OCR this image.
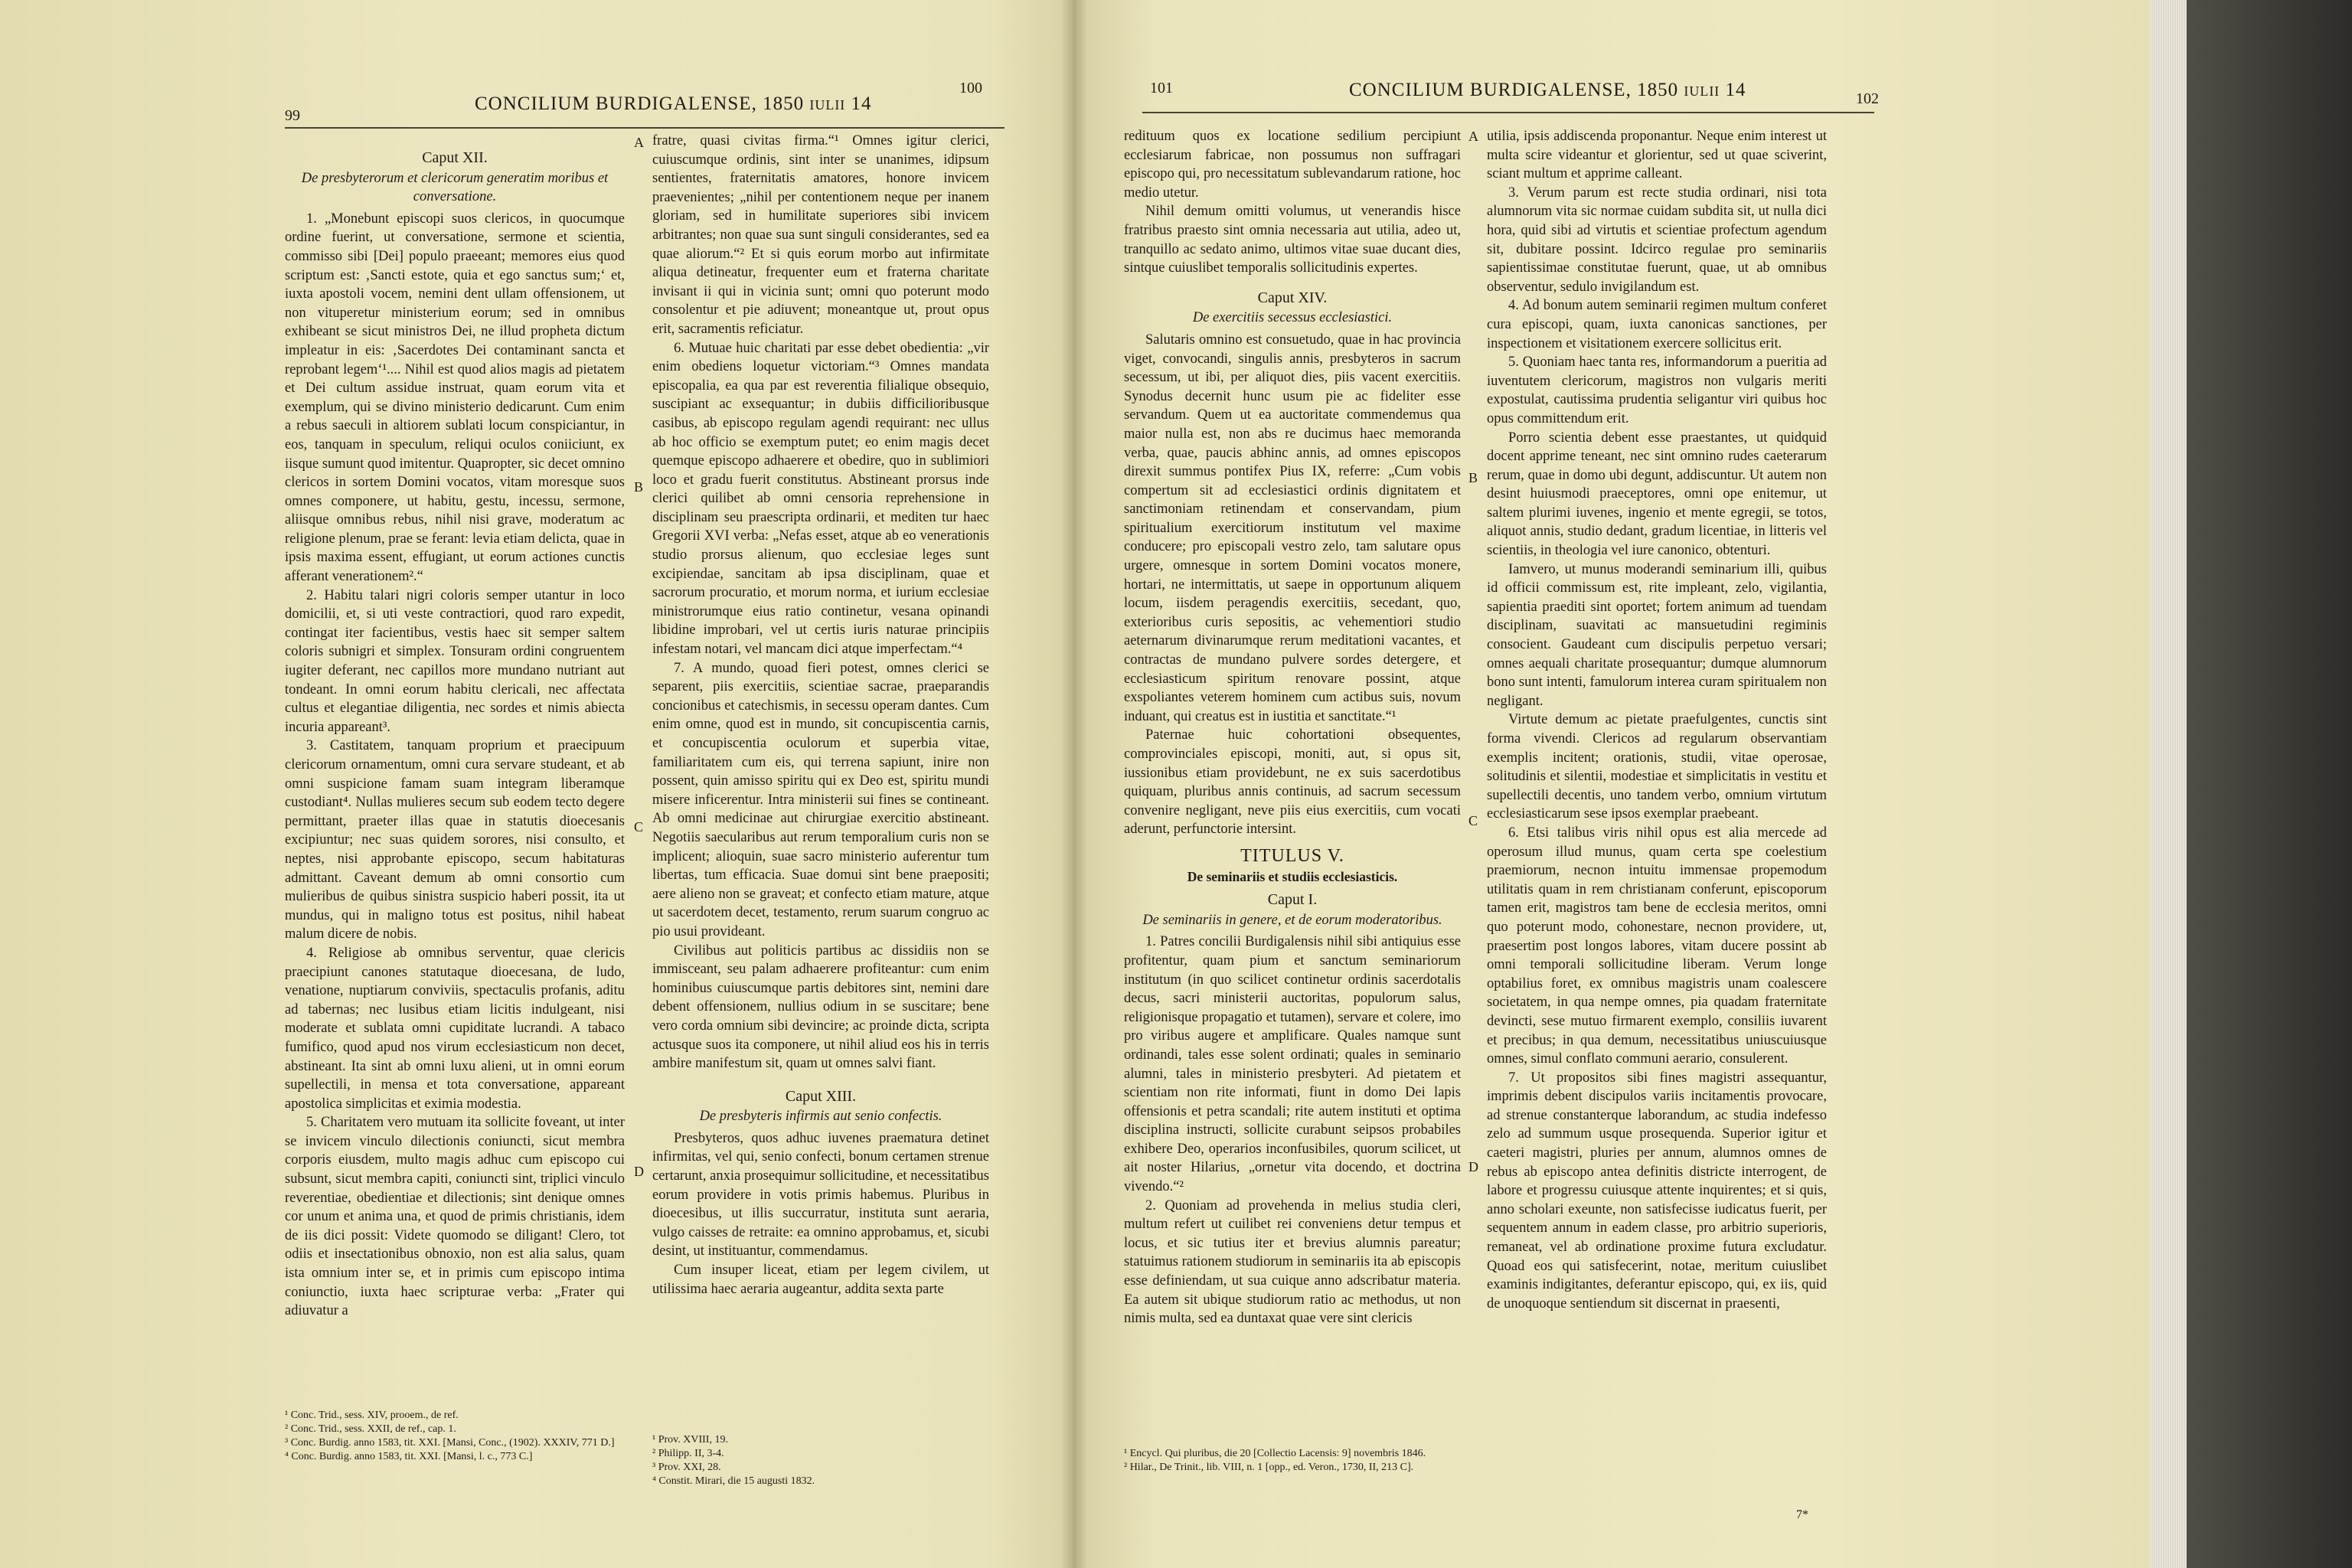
99
CONCILIUM BURDIGALENSE, 1850 iulii 14
100
Caput XII.
De presbyterorum et clericorum generatim moribus et conversatione.

1. „Monebunt episcopi suos clericos, in quocumque ordine fuerint, ut conversatione, sermone et scientia, commisso sibi [Dei] populo praeeant; memores eius quod scriptum est: ‚Sancti estote, quia et ego sanctus sum;‘ et, iuxta apostoli vocem, nemini dent ullam offensionem, ut non vituperetur ministerium eorum; sed in omnibus exhibeant se sicut ministros Dei, ne illud propheta dictum impleatur in eis: ‚Sacerdotes Dei contaminant sancta et reprobant legem‘¹.... Nihil est quod alios magis ad pietatem et Dei cultum assidue instruat, quam eorum vita et exemplum, qui se divino ministerio dedicarunt. Cum enim a rebus saeculi in altiorem sublati locum conspiciantur, in eos, tanquam in speculum, reliqui oculos coniiciunt, ex iisque sumunt quod imitentur. Quapropter, sic decet omnino clericos in sortem Domini vocatos, vitam moresque suos omnes componere, ut habitu, gestu, incessu, sermone, aliisque omnibus rebus, nihil nisi grave, moderatum ac religione plenum, prae se ferant: levia etiam delicta, quae in ipsis maxima essent, effugiant, ut eorum actiones cunctis afferant venerationem².“

2. Habitu talari nigri coloris semper utantur in loco domicilii, et, si uti veste contractiori, quod raro expedit, contingat iter facientibus, vestis haec sit semper saltem coloris subnigri et simplex. Tonsuram ordini congruentem iugiter deferant, nec capillos more mundano nutriant aut tondeant. In omni eorum habitu clericali, nec affectata cultus et elegantiae diligentia, nec sordes et nimis abiecta incuria appareant³.

3. Castitatem, tanquam proprium et praecipuum clericorum ornamentum, omni cura servare studeant, et ab omni suspicione famam suam integram liberamque custodiant⁴. Nullas mulieres secum sub eodem tecto degere permittant, praeter illas quae in statutis dioecesanis excipiuntur; nec suas quidem sorores, nisi consulto, et neptes, nisi approbante episcopo, secum habitaturas admittant. Caveant demum ab omni consortio cum mulieribus de quibus sinistra suspicio haberi possit, ita ut mundus, qui in maligno totus est positus, nihil habeat malum dicere de nobis.

4. Religiose ab omnibus serventur, quae clericis praecipiunt canones statutaque dioecesana, de ludo, venatione, nuptiarum conviviis, spectaculis profanis, aditu ad tabernas; nec lusibus etiam licitis indulgeant, nisi moderate et sublata omni cupiditate lucrandi. A tabaco fumifico, quod apud nos virum ecclesiasticum non decet, abstineant. Ita sint ab omni luxu alieni, ut in omni eorum supellectili, in mensa et tota conversatione, appareant apostolica simplicitas et eximia modestia.

5. Charitatem vero mutuam ita sollicite foveant, ut inter se invicem vinculo dilectionis coniuncti, sicut membra corporis eiusdem, multo magis adhuc cum episcopo cui subsunt, sicut membra capiti, coniuncti sint, triplici vinculo reverentiae, obedientiae et dilectionis; sint denique omnes cor unum et anima una, et quod de primis christianis, idem de iis dici possit: Videte quomodo se diligant! Clero, tot odiis et insectationibus obnoxio, non est alia salus, quam ista omnium inter se, et in primis cum episcopo intima coniunctio, iuxta haec scripturae verba: „Frater qui adiuvatur a

¹ Conc. Trid., sess. XIV, prooem., de ref.
² Conc. Trid., sess. XXII, de ref., cap. 1.
³ Conc. Burdig. anno 1583, tit. XXI. [Mansi, Conc., (1902). XXXIV, 771 D.]
⁴ Conc. Burdig. anno 1583, tit. XXI. [Mansi, l. c., 773 C.]
A
B
C
D

fratre, quasi civitas firma.“¹ Omnes igitur clerici, cuiuscumque ordinis, sint inter se unanimes, idipsum sentientes, fraternitatis amatores, honore invicem praevenientes; „nihil per contentionem neque per inanem gloriam, sed in humilitate superiores sibi invicem arbitrantes; non quae sua sunt singuli considerantes, sed ea quae aliorum.“² Et si quis eorum morbo aut infirmitate aliqua detineatur, frequenter eum et fraterna charitate invisant ii qui in vicinia sunt; omni quo poterunt modo consolentur et pie adiuvent; moneantque ut, prout opus erit, sacramentis reficiatur.

6. Mutuae huic charitati par esse debet obedientia: „vir enim obediens loquetur victoriam.“³ Omnes mandata episcopalia, ea qua par est reverentia filialique obsequio, suscipiant ac exsequantur; in dubiis difficilioribusque casibus, ab episcopo regulam agendi requirant: nec ullus ab hoc officio se exemptum putet; eo enim magis decet quemque episcopo adhaerere et obedire, quo in sublimiori loco et gradu fuerit constitutus. Abstineant prorsus inde clerici quilibet ab omni censoria reprehensione in disciplinam seu praescripta ordinarii, et mediten tur haec Gregorii XVI verba: „Nefas esset, atque ab eo venerationis studio prorsus alienum, quo ecclesiae leges sunt excipiendae, sancitam ab ipsa disciplinam, quae et sacrorum procuratio, et morum norma, et iurium ecclesiae ministrorumque eius ratio continetur, vesana opinandi libidine improbari, vel ut certis iuris naturae principiis infestam notari, vel mancam dici atque imperfectam.“⁴

7. A mundo, quoad fieri potest, omnes clerici se separent, piis exercitiis, scientiae sacrae, praeparandis concionibus et catechismis, in secessu operam dantes. Cum enim omne, quod est in mundo, sit concupiscentia carnis, et concupiscentia oculorum et superbia vitae, familiaritatem cum eis, qui terrena sapiunt, inire non possent, quin amisso spiritu qui ex Deo est, spiritu mundi misere inficerentur. Intra ministerii sui fines se contineant. Ab omni medicinae aut chirurgiae exercitio abstineant. Negotiis saecularibus aut rerum temporalium curis non se implicent; alioquin, suae sacro ministerio auferentur tum libertas, tum efficacia. Suae domui sint bene praepositi; aere alieno non se graveat; et confecto etiam mature, atque ut sacerdotem decet, testamento, rerum suarum congruo ac pio usui provideant.

Civilibus aut politicis partibus ac dissidiis non se immisceant, seu palam adhaerere profiteantur: cum enim hominibus cuiuscumque partis debitores sint, nemini dare debent offensionem, nullius odium in se suscitare; bene vero corda omnium sibi devincire; ac proinde dicta, scripta actusque suos ita componere, ut nihil aliud eos his in terris ambire manifestum sit, quam ut omnes salvi fiant.

Caput XIII.
De presbyteris infirmis aut senio confectis.

Presbyteros, quos adhuc iuvenes praematura detinet infirmitas, vel qui, senio confecti, bonum certamen strenue certarunt, anxia prosequimur sollicitudine, et necessitatibus eorum providere in votis primis habemus. Pluribus in dioecesibus, ut illis succurratur, instituta sunt aeraria, vulgo caisses de retraite: ea omnino approbamus, et, sicubi desint, ut instituantur, commendamus.

Cum insuper liceat, etiam per legem civilem, ut utilissima haec aeraria augeantur, addita sexta parte

¹ Prov. XVIII, 19.
² Philipp. II, 3-4.
³ Prov. XXI, 28.
⁴ Constit. Mirari, die 15 augusti 1832.
101	CONCILIUM BURDIGALENSE, 1850 iulii 14	102

redituum quos ex locatione sedilium percipiunt ecclesiarum fabricae, non possumus non suffragari episcopo qui, pro necessitatum sublevandarum ratione, hoc medio utetur.

Nihil demum omitti volumus, ut venerandis hisce fratribus praesto sint omnia necessaria aut utilia, adeo ut, tranquillo ac sedato animo, ultimos vitae suae ducant dies, sintque cuiuslibet temporalis sollicitudinis expertes.

Caput XIV.
De exercitiis secessus ecclesiastici.

Salutaris omnino est consuetudo, quae in hac provincia viget, convocandi, singulis annis, presbyteros in sacrum secessum, ut ibi, per aliquot dies, piis vacent exercitiis. Synodus decernit hunc usum pie ac fideliter esse servandum. Quem ut ea auctoritate commendemus qua maior nulla est, non abs re ducimus haec memoranda verba, quae, paucis abhinc annis, ad omnes episcopos direxit summus pontifex Pius IX, referre: „Cum vobis compertum sit ad ecclesiastici ordinis dignitatem et sanctimoniam retinendam et conservandam, pium spiritualium exercitiorum institutum vel maxime conducere; pro episcopali vestro zelo, tam salutare opus urgere, omnesque in sortem Domini vocatos monere, hortari, ne intermittatis, ut saepe in opportunum aliquem locum, iisdem peragendis exercitiis, secedant, quo, exterioribus curis sepositis, ac vehementiori studio aeternarum divinarumque rerum meditationi vacantes, et contractas de mundano pulvere sordes detergere, et ecclesiasticum spiritum renovare possint, atque exspoliantes veterem hominem cum actibus suis, novum induant, qui creatus est in iustitia et sanctitate.“¹

Paternae huic cohortationi obsequentes, comprovinciales episcopi, moniti, aut, si opus sit, iussionibus etiam providebunt, ne ex suis sacerdotibus quiquam, pluribus annis continuis, ad sacrum secessum convenire negligant, neve piis eius exercitiis, cum vocati aderunt, perfunctorie intersint.

TITULUS V.
De seminariis et studiis ecclesiasticis.
Caput I.
De seminariis in genere, et de eorum moderatoribus.

1. Patres concilii Burdigalensis nihil sibi antiquius esse profitentur, quam pium et sanctum seminariorum institutum (in quo scilicet continetur ordinis sacerdotalis decus, sacri ministerii auctoritas, populorum salus, religionisque propagatio et tutamen), servare et colere, imo pro viribus augere et amplificare. Quales namque sunt ordinandi, tales esse solent ordinati; quales in seminario alumni, tales in ministerio presbyteri. Ad pietatem et scientiam non rite informati, fiunt in domo Dei lapis offensionis et petra scandali; rite autem instituti et optima disciplina instructi, sollicite curabunt seipsos probabiles exhibere Deo, operarios inconfusibiles, quorum scilicet, ut ait noster Hilarius, „ornetur vita docendo, et doctrina vivendo.“²

2. Quoniam ad provehenda in melius studia cleri, multum refert ut cuilibet rei conveniens detur tempus et locus, et sic tutius iter et brevius alumnis pareatur; statuimus rationem studiorum in seminariis ita ab episcopis esse definiendam, ut sua cuique anno adscribatur materia. Ea autem sit ubique studiorum ratio ac methodus, ut non nimis multa, sed ea duntaxat quae vere sint clericis

¹ Encycl. Qui pluribus, die 20 [Collectio Lacensis: 9] novembris 1846.
² Hilar., De Trinit., lib. VIII, n. 1 [opp., ed. Veron., 1730, II, 213 C].
A
B
C
D

utilia, ipsis addiscenda proponantur. Neque enim interest ut multa scire videantur et glorientur, sed ut quae sciverint, sciant multum et apprime calleant.

3. Verum parum est recte studia ordinari, nisi tota alumnorum vita sic normae cuidam subdita sit, ut nulla dici hora, quid sibi ad virtutis et scientiae profectum agendum sit, dubitare possint. Idcirco regulae pro seminariis sapientissimae constitutae fuerunt, quae, ut ab omnibus observentur, sedulo invigilandum est.

4. Ad bonum autem seminarii regimen multum conferet cura episcopi, quam, iuxta canonicas sanctiones, per inspectionem et visitationem exercere sollicitus erit.

5. Quoniam haec tanta res, informandorum a pueritia ad iuventutem clericorum, magistros non vulgaris meriti expostulat, cautissima prudentia seligantur viri quibus hoc opus committendum erit.

Porro scientia debent esse praestantes, ut quidquid docent apprime teneant, nec sint omnino rudes caeterarum rerum, quae in domo ubi degunt, addiscuntur. Ut autem non desint huiusmodi praeceptores, omni ope enitemur, ut saltem plurimi iuvenes, ingenio et mente egregii, se totos, aliquot annis, studio dedant, gradum licentiae, in litteris vel scientiis, in theologia vel iure canonico, obtenturi.

Iamvero, ut munus moderandi seminarium illi, quibus id officii commissum est, rite impleant, zelo, vigilantia, sapientia praediti sint oportet; fortem animum ad tuendam disciplinam, suavitati ac mansuetudini regiminis consocient. Gaudeant cum discipulis perpetuo versari; omnes aequali charitate prosequantur; dumque alumnorum bono sunt intenti, famulorum interea curam spiritualem non negligant.

Virtute demum ac pietate praefulgentes, cunctis sint forma vivendi. Clericos ad regularum observantiam exemplis incitent; orationis, studii, vitae operosae, solitudinis et silentii, modestiae et simplicitatis in vestitu et supellectili decentis, uno tandem verbo, omnium virtutum ecclesiasticarum sese ipsos exemplar praebeant.

6. Etsi talibus viris nihil opus est alia mercede ad operosum illud munus, quam certa spe coelestium praemiorum, necnon intuitu immensae propemodum utilitatis quam in rem christianam conferunt, episcoporum tamen erit, magistros tam bene de ecclesia meritos, omni quo poterunt modo, cohonestare, necnon providere, ut, praesertim post longos labores, vitam ducere possint ab omni temporali sollicitudine liberam. Verum longe optabilius foret, ex omnibus magistris unam coalescere societatem, in qua nempe omnes, pia quadam fraternitate devincti, sese mutuo firmarent exemplo, consiliis iuvarent et precibus; in qua demum, necessitatibus uniuscuiusque omnes, simul conflato communi aerario, consulerent.

7. Ut propositos sibi fines magistri assequantur, imprimis debent discipulos variis incitamentis provocare, ad strenue constanterque laborandum, ac studia indefesso zelo ad summum usque prosequenda. Superior igitur et caeteri magistri, pluries per annum, alumnos omnes de rebus ab episcopo antea definitis districte interrogent, de labore et progressu cuiusque attente inquirentes; et si quis, anno scholari exeunte, non satisfecisse iudicatus fuerit, per sequentem annum in eadem classe, pro arbitrio superioris, remaneat, vel ab ordinatione proxime futura excludatur. Quoad eos qui satisfecerint, notae, meritum cuiuslibet examinis indigitantes, deferantur episcopo, qui, ex iis, quid de unoquoque sentiendum sit discernat in praesenti,

7*
